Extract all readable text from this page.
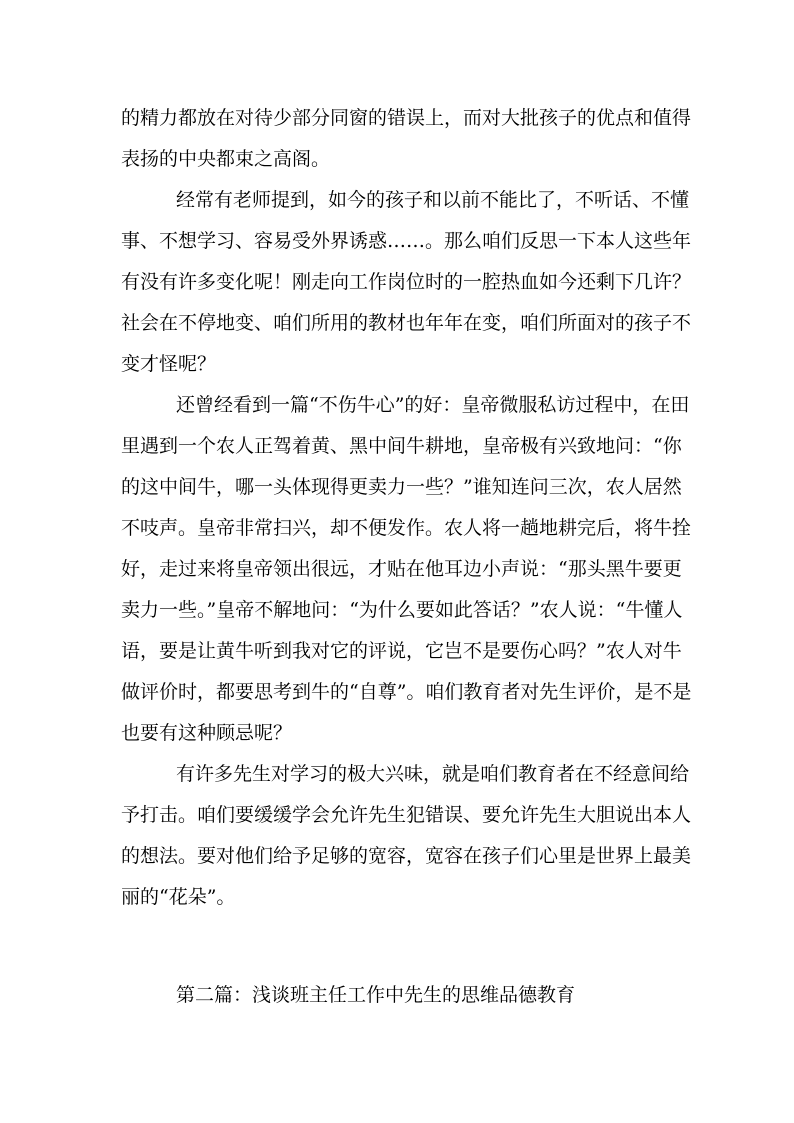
的精力都放在对待少部分同窗的错误上，而对大批孩子的优点和值得
表扬的中央都束之高阁。
经常有老师提到，如今的孩子和以前不能比了，不听话、不懂
事、不想学习、容易受外界诱惑……。那么咱们反思一下本人这些年
有没有许多变化呢！刚走向工作岗位时的一腔热血如今还剩下几许？
社会在不停地变、咱们所用的教材也年年在变，咱们所面对的孩子不
变才怪呢？
还曾经看到一篇“不伤牛心”的好：皇帝微服私访过程中，在田
里遇到一个农人正驾着黄、黑中间牛耕地，皇帝极有兴致地问：“你
的这中间牛，哪一头体现得更卖力一些？”谁知连问三次，农人居然
不吱声。皇帝非常扫兴，却不便发作。农人将一趟地耕完后，将牛拴
好，走过来将皇帝领出很远，才贴在他耳边小声说：“那头黑牛要更
卖力一些。”皇帝不解地问：“为什么要如此答话？”农人说：“牛懂人
语，要是让黄牛听到我对它的评说，它岂不是要伤心吗？”农人对牛
做评价时，都要思考到牛的“自尊”。咱们教育者对先生评价，是不是
也要有这种顾忌呢？
有许多先生对学习的极大兴味，就是咱们教育者在不经意间给
予打击。咱们要缓缓学会允许先生犯错误、要允许先生大胆说出本人
的想法。要对他们给予足够的宽容，宽容在孩子们心里是世界上最美
丽的“花朵”。
第二篇：浅谈班主任工作中先生的思维品德教育
